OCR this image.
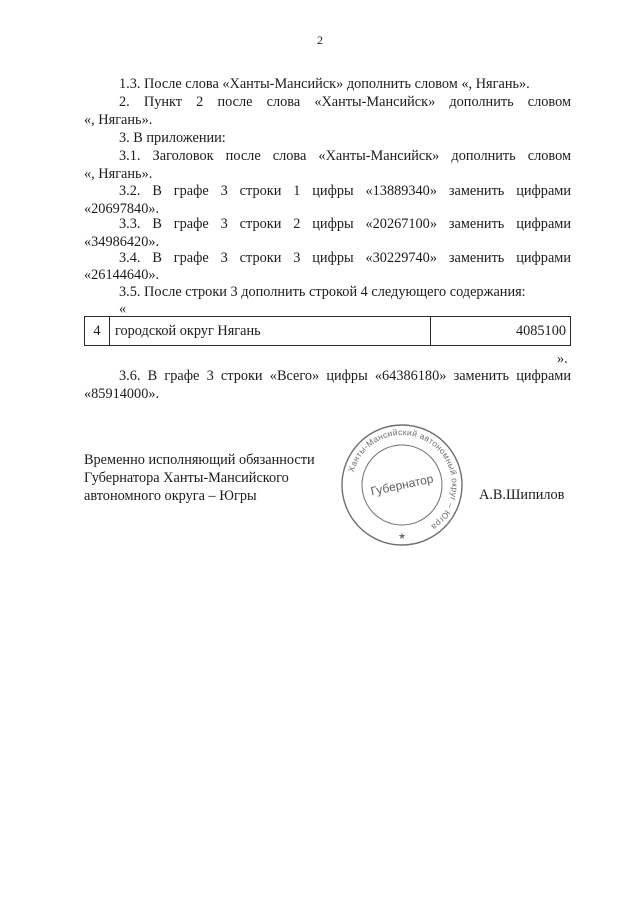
2
1.3. После слова «Ханты-Мансийск» дополнить словом «, Нягань».
2. Пункт 2 после слова «Ханты-Мансийск» дополнить словом
«, Нягань».
3. В приложении:
3.1. Заголовок после слова «Ханты-Мансийск» дополнить словом
«, Нягань».
3.2. В графе 3 строки 1 цифры «13889340» заменить цифрами
«20697840».
3.3. В графе 3 строки 2 цифры «20267100» заменить цифрами
«34986420».
3.4. В графе 3 строки 3 цифры «30229740» заменить цифрами
«26144640».
3.5. После строки 3 дополнить строкой 4 следующего содержания:
«
4	городской округ Нягань	4085100
».
3.6. В графе 3 строки «Всего» цифры «64386180» заменить цифрами
«85914000».
Временно исполняющий обязанности
Губернатора Ханты-Мансийского
автономного округа – Югры
Ханты-Мансийский автономный округ – Югра
Губернатор
★
А.В.Шипилов
